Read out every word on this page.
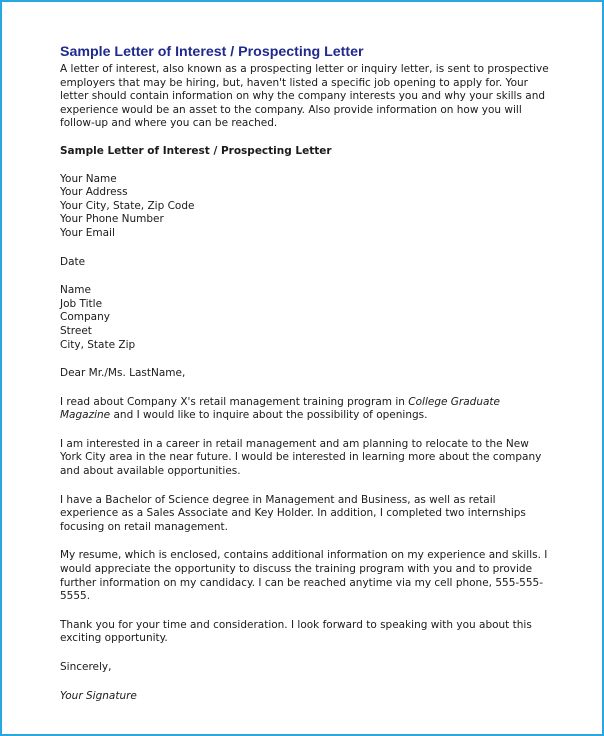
Sample Letter of Interest / Prospecting Letter

A letter of interest, also known as a prospecting letter or inquiry letter, is sent to prospective employers that may be hiring, but, haven't listed a specific job opening to apply for. Your letter should contain information on why the company interests you and why your skills and experience would be an asset to the company. Also provide information on how you will follow-up and where you can be reached.

Sample Letter of Interest / Prospecting Letter

Your Name
Your Address
Your City, State, Zip Code
Your Phone Number
Your Email

Date

Name
Job Title
Company
Street
City, State Zip

Dear Mr./Ms. LastName,

I read about Company X's retail management training program in College Graduate Magazine and I would like to inquire about the possibility of openings.

I am interested in a career in retail management and am planning to relocate to the New York City area in the near future. I would be interested in learning more about the company and about available opportunities.

I have a Bachelor of Science degree in Management and Business, as well as retail experience as a Sales Associate and Key Holder. In addition, I completed two internships focusing on retail management.

My resume, which is enclosed, contains additional information on my experience and skills. I would appreciate the opportunity to discuss the training program with you and to provide further information on my candidacy. I can be reached anytime via my cell phone, 555-555-5555.

Thank you for your time and consideration. I look forward to speaking with you about this exciting opportunity.

Sincerely,

Your Signature
